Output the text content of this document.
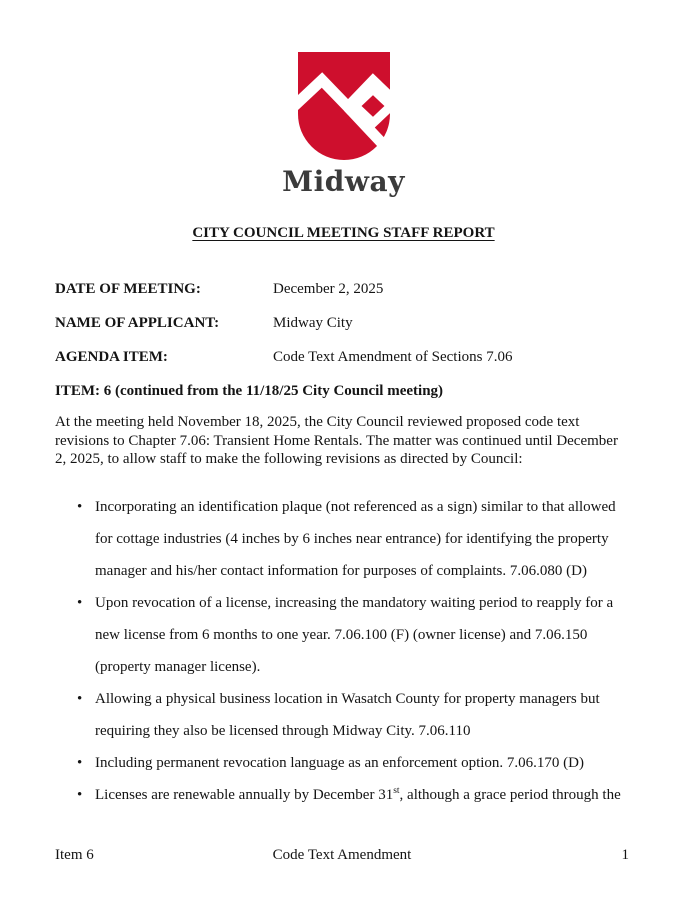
Midway
CITY COUNCIL MEETING STAFF REPORT
DATE OF MEETING:	December 2, 2025
NAME OF APPLICANT:	Midway City
AGENDA ITEM:	Code Text Amendment of Sections 7.06
ITEM: 6 (continued from the 11/18/25 City Council meeting)

At the meeting held November 18, 2025, the City Council reviewed proposed code text revisions to Chapter 7.06: Transient Home Rentals. The matter was continued until December 2, 2025, to allow staff to make the following revisions as directed by Council:

• Incorporating an identification plaque (not referenced as a sign) similar to that allowed for cottage industries (4 inches by 6 inches near entrance) for identifying the property manager and his/her contact information for purposes of complaints. 7.06.080 (D)
• Upon revocation of a license, increasing the mandatory waiting period to reapply for a new license from 6 months to one year. 7.06.100 (F) (owner license) and 7.06.150 (property manager license).
• Allowing a physical business location in Wasatch County for property managers but requiring they also be licensed through Midway City. 7.06.110
• Including permanent revocation language as an enforcement option. 7.06.170 (D)
• Licenses are renewable annually by December 31st, although a grace period through the
Item 6	Code Text Amendment	1
